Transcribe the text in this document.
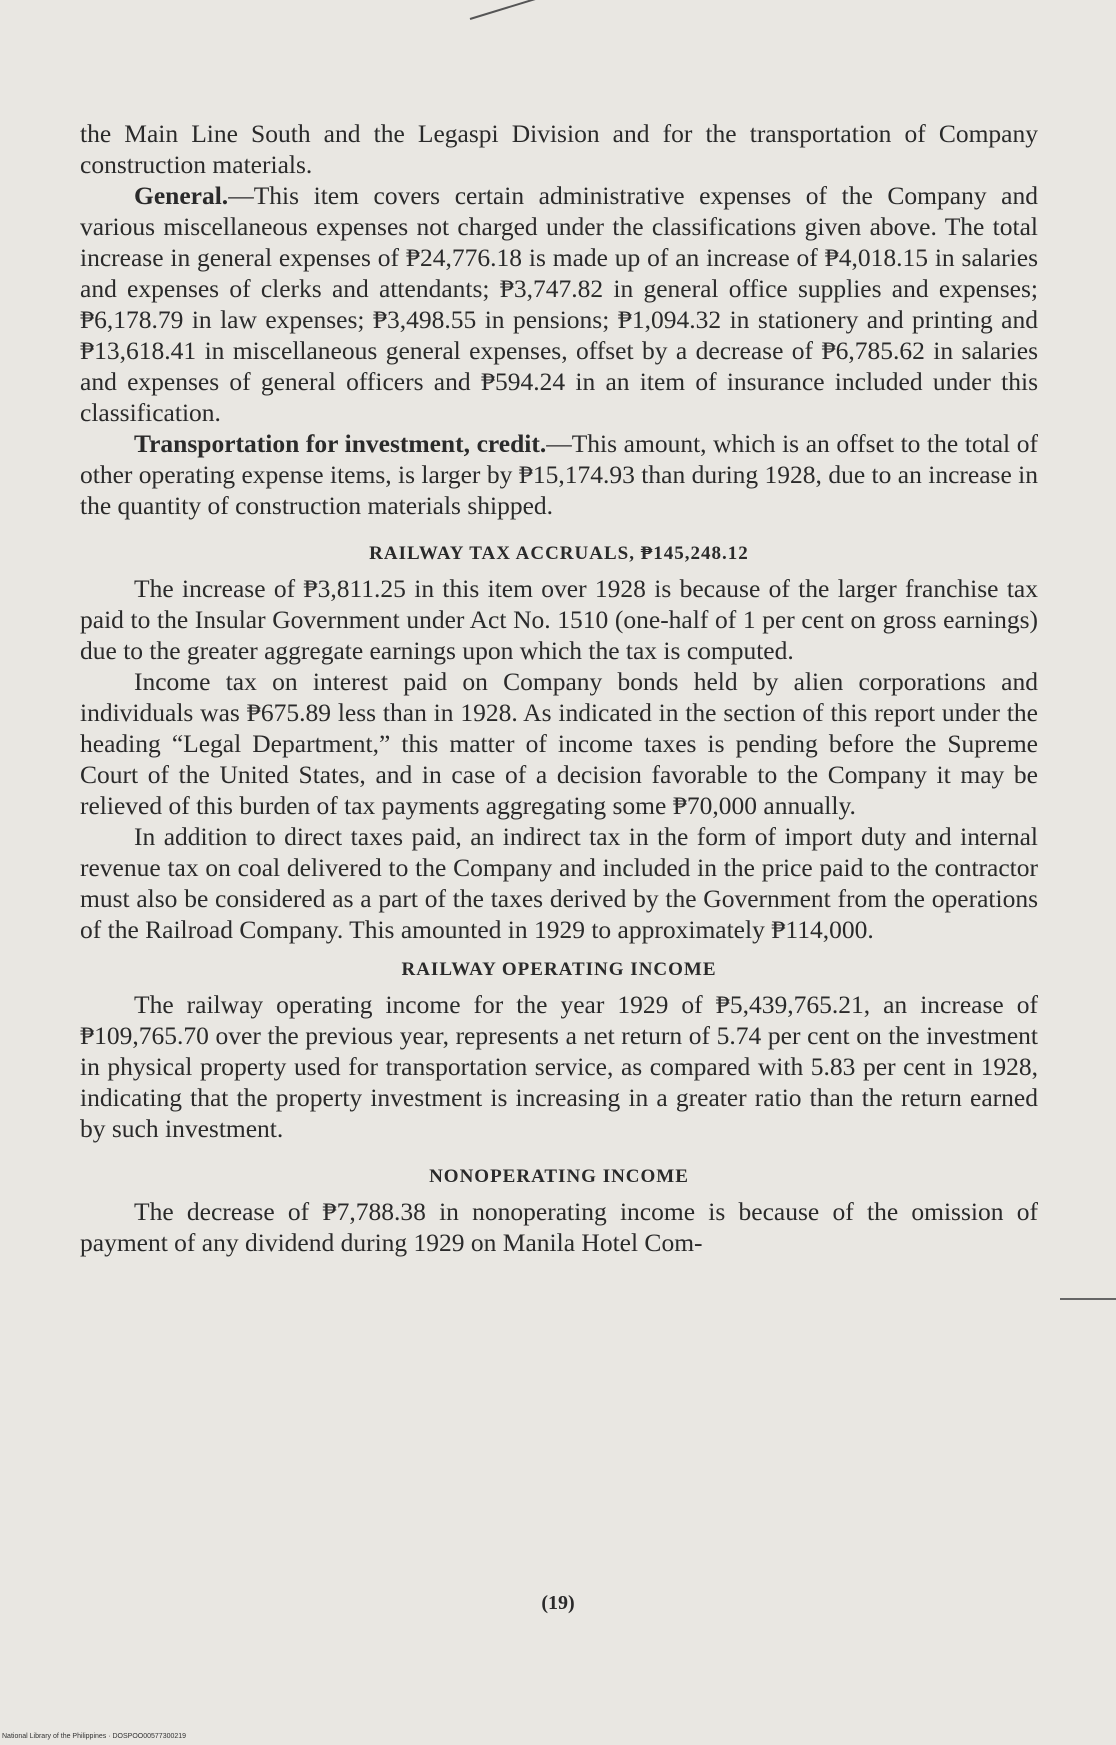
the Main Line South and the Legaspi Division and for the transportation of Company construction materials.

General.—This item covers certain administrative expenses of the Company and various miscellaneous expenses not charged under the classifications given above. The total increase in general expenses of ₱24,776.18 is made up of an increase of ₱4,018.15 in salaries and expenses of clerks and attendants; ₱3,747.82 in general office supplies and expenses; ₱6,178.79 in law expenses; ₱3,498.55 in pensions; ₱1,094.32 in stationery and printing and ₱13,618.41 in miscellaneous general expenses, offset by a decrease of ₱6,785.62 in salaries and expenses of general officers and ₱594.24 in an item of insurance included under this classification.

Transportation for investment, credit.—This amount, which is an offset to the total of other operating expense items, is larger by ₱15,174.93 than during 1928, due to an increase in the quantity of construction materials shipped.

RAILWAY TAX ACCRUALS, ₱145,248.12

The increase of ₱3,811.25 in this item over 1928 is because of the larger franchise tax paid to the Insular Government under Act No. 1510 (one-half of 1 per cent on gross earnings) due to the greater aggregate earnings upon which the tax is computed.

Income tax on interest paid on Company bonds held by alien corporations and individuals was ₱675.89 less than in 1928. As indicated in the section of this report under the heading “Legal Department,” this matter of income taxes is pending before the Supreme Court of the United States, and in case of a decision favorable to the Company it may be relieved of this burden of tax payments aggregating some ₱70,000 annually.

In addition to direct taxes paid, an indirect tax in the form of import duty and internal revenue tax on coal delivered to the Company and included in the price paid to the contractor must also be considered as a part of the taxes derived by the Government from the operations of the Railroad Company. This amounted in 1929 to approximately ₱114,000.

RAILWAY OPERATING INCOME

The railway operating income for the year 1929 of ₱5,439,765.21, an increase of ₱109,765.70 over the previous year, represents a net return of 5.74 per cent on the investment in physical property used for transportation service, as compared with 5.83 per cent in 1928, indicating that the property investment is increasing in a greater ratio than the return earned by such investment.

NONOPERATING INCOME

The decrease of ₱7,788.38 in nonoperating income is because of the omission of payment of any dividend during 1929 on Manila Hotel Com-

(19)
National Library of the Philippines · DOSPOO00577300219
